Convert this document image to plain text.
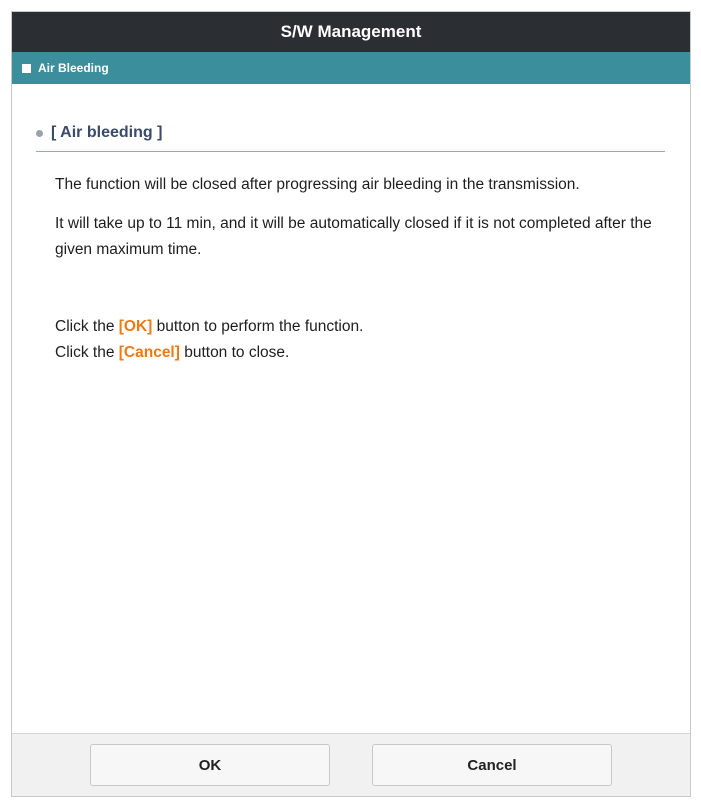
S/W Management
Air Bleeding
[ Air bleeding ]

The function will be closed after progressing air bleeding in the transmission.

It will take up to 11 min, and it will be automatically closed if it is not completed after the given maximum time.

Click the [OK] button to perform the function.
Click the [Cancel] button to close.
OK	Cancel
